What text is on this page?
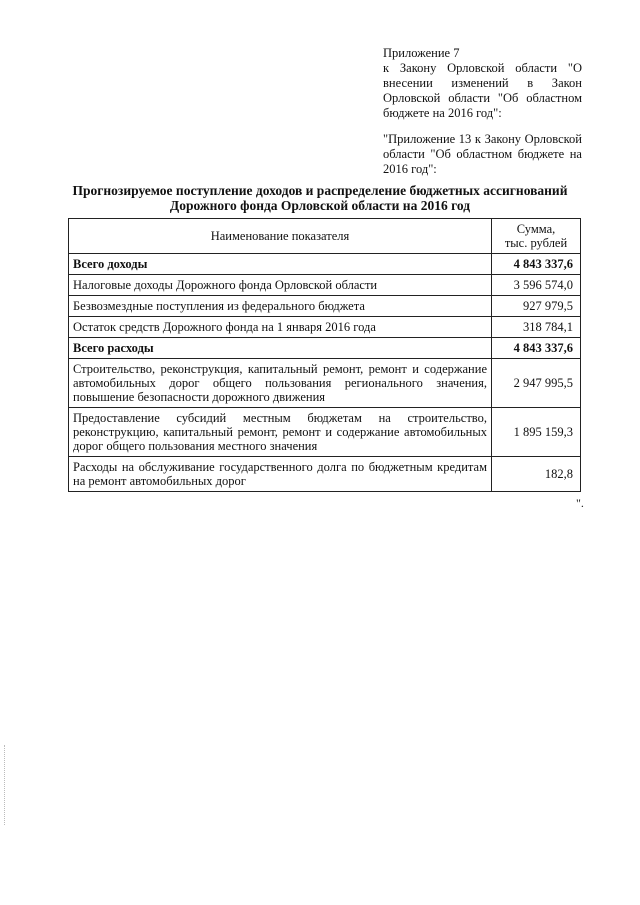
Приложение 7

к Закону Орловской области "О внесении изменений в Закон Орловской области "Об областном бюджете на 2016 год":

"Приложение 13 к Закону Орловской области "Об областном бюджете на 2016 год":

Прогнозируемое поступление доходов и распределение бюджетных ассигнований
Дорожного фонда Орловской области на 2016 год
Наименование показателя	Сумма,
тыс. рублей

Всего доходы	4 843 337,6
Налоговые доходы Дорожного фонда Орловской области	3 596 574,0
Безвозмездные поступления из федерального бюджета	927 979,5
Остаток средств Дорожного фонда на 1 января 2016 года	318 784,1
Всего расходы	4 843 337,6
Строительство, реконструкция, капитальный ремонт, ремонт и содержание автомобильных дорог общего пользования регионального значения, повышение безопасности дорожного движения	2 947 995,5
Предоставление субсидий местным бюджетам на строительство, реконструкцию, капитальный ремонт, ремонт и содержание автомобильных дорог общего пользования местного значения	1 895 159,3
Расходы на обслуживание государственного долга по бюджетным кредитам на ремонт автомобильных дорог	182,8
".
